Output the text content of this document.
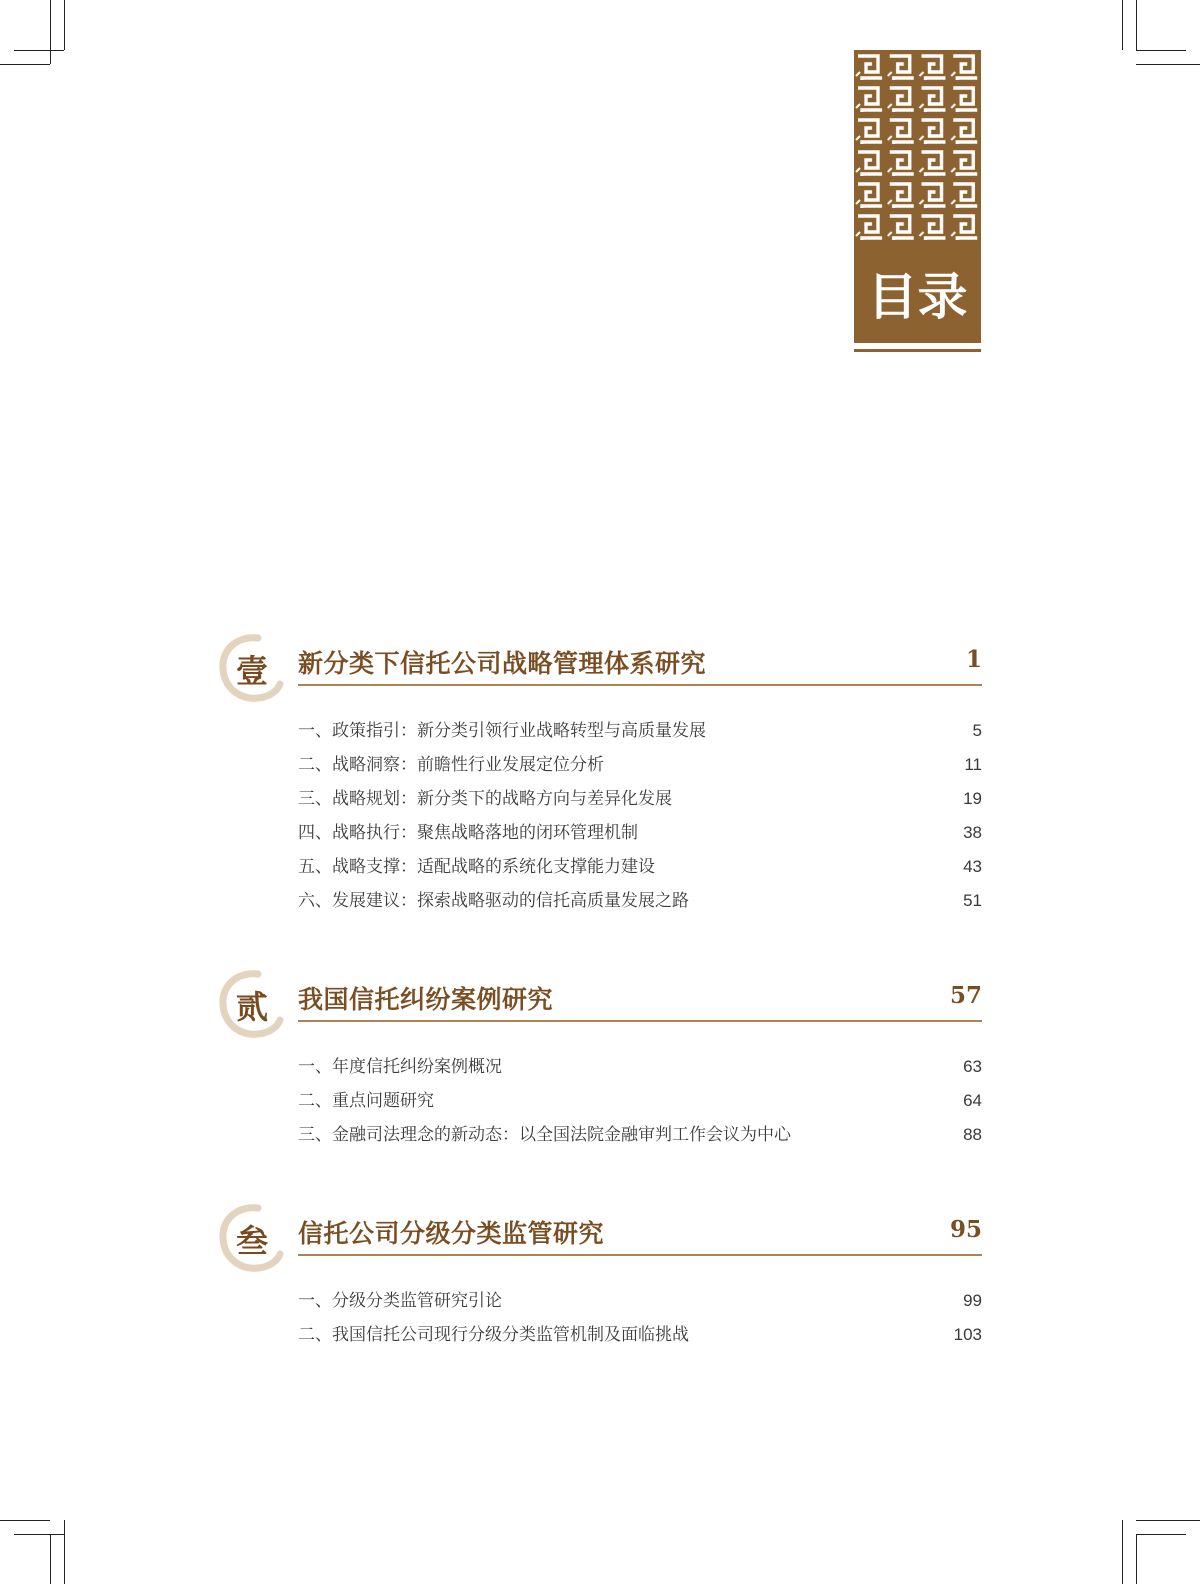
目录
壹 新分类下信托公司战略管理体系研究	1
一、政策指引：新分类引领行业战略转型与高质量发展	5
二、战略洞察：前瞻性行业发展定位分析	11
三、战略规划：新分类下的战略方向与差异化发展	19
四、战略执行：聚焦战略落地的闭环管理机制	38
五、战略支撑：适配战略的系统化支撑能力建设	43
六、发展建议：探索战略驱动的信托高质量发展之路	51
贰 我国信托纠纷案例研究	57
一、年度信托纠纷案例概况	63
二、重点问题研究	64
三、金融司法理念的新动态：以全国法院金融审判工作会议为中心	88
叁 信托公司分级分类监管研究	95
一、分级分类监管研究引论	99
二、我国信托公司现行分级分类监管机制及面临挑战	103
